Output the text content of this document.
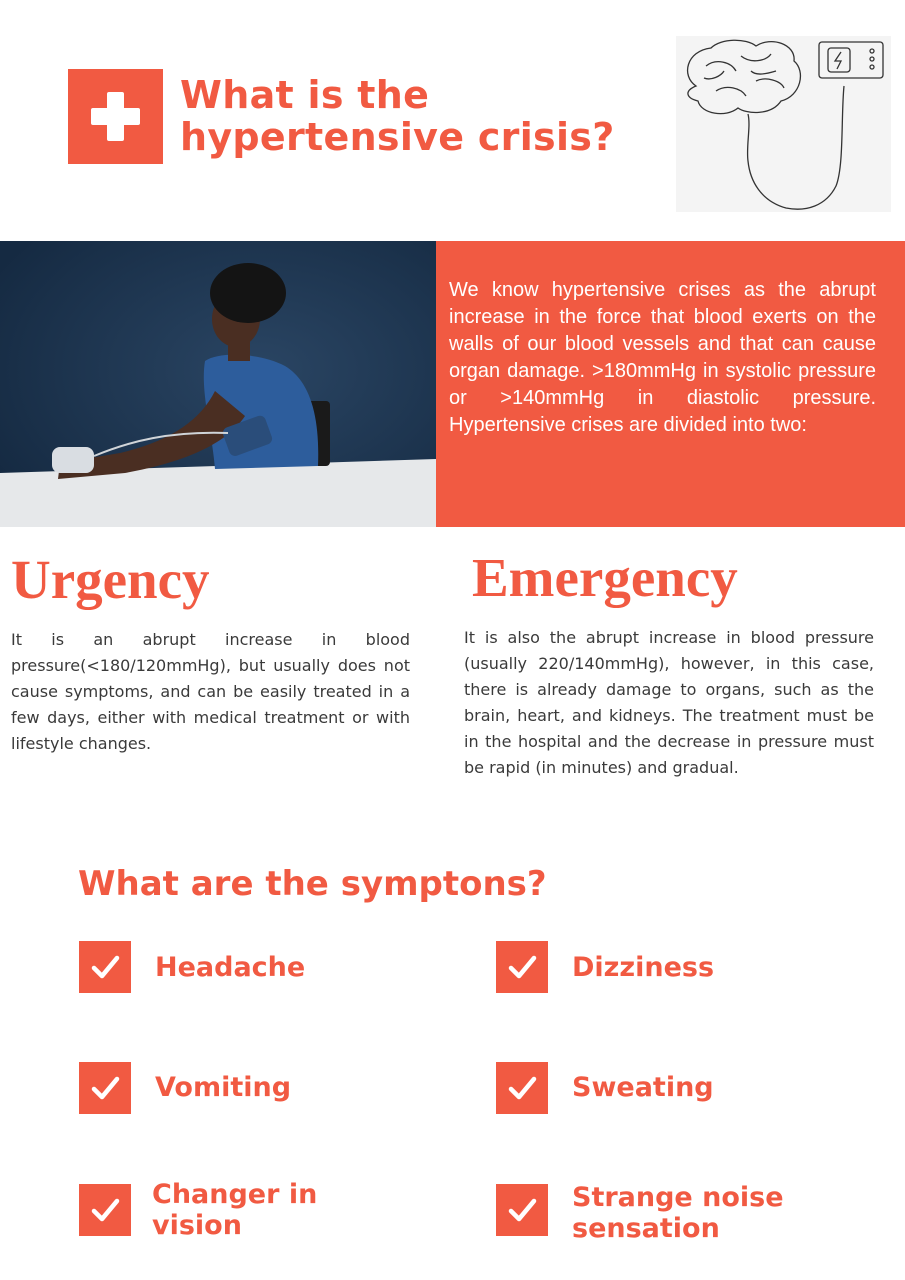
What is the
hypertensive crisis?

We know hypertensive crises as the abrupt increase in the force that blood exerts on the walls of our blood vessels and that can cause organ damage. >180mmHg in systolic pressure or >140mmHg in diastolic pressure. Hypertensive crises are divided into two:

Urgency

It is an abrupt increase in blood pressure(<180/120mmHg), but usually does not cause symptoms, and can be easily treated in a few days, either with medical treatment or with lifestyle changes.

Emergency

It is also the abrupt increase in blood pressure (usually 220/140mmHg), however, in this case, there is already damage to organs, such as the brain, heart, and kidneys. The treatment must be in the hospital and the decrease in pressure must be rapid (in minutes) and gradual.

What are the symptons?

Headache	Dizziness

Vomiting	Sweating

Changer in
vision

Strange noise
sensation
